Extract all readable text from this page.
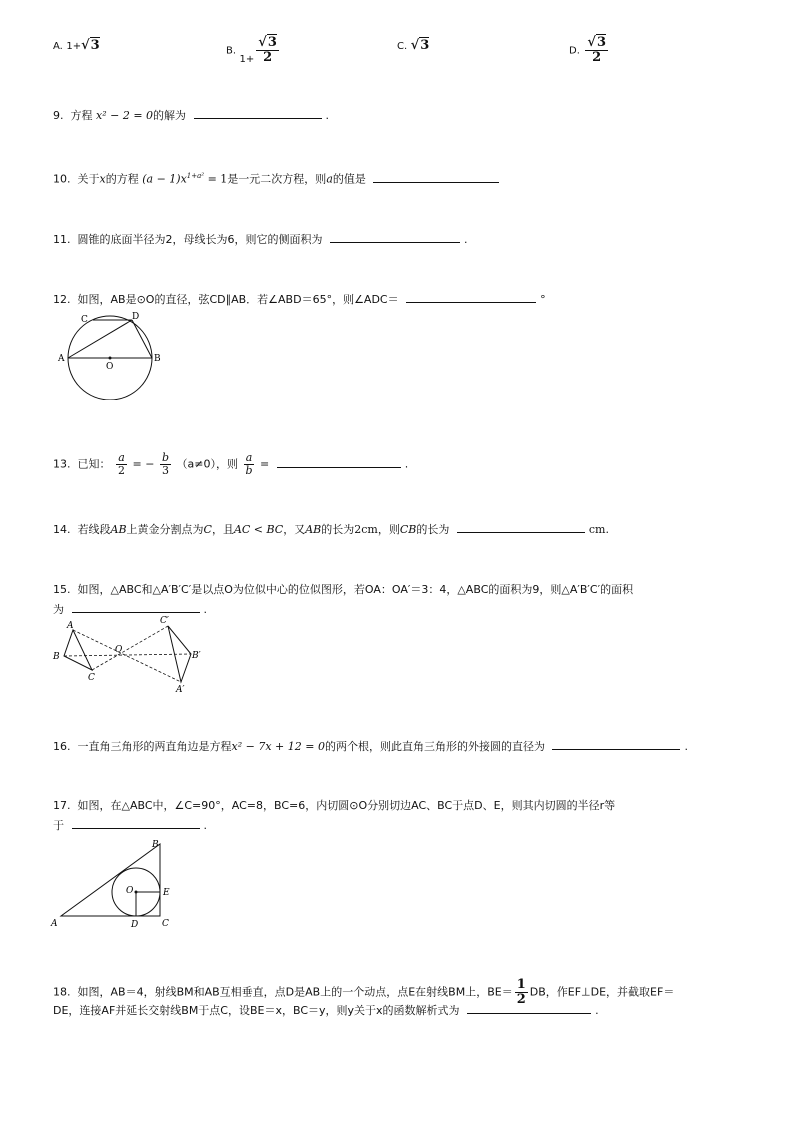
A. 1+√3	B. $1+ \frac{√3}{2}$	C. √3	D. $\frac{√3}{2}$
9. 方程 x² − 2 = 0的解为	.
10. 关于x的方程 $(a - 1)x^{1+a^2} = 1$是一元二次方程，则a的值是
11. 圆锥的底面半径为2，母线长为6，则它的侧面积为	.
12. 如图，AB是⊙O的直径，弦CD∥AB．若∠ABD＝65°，则∠ADC＝	°
C	D
A	B
O
13. 已知： $\frac{a}{2}$ = − $\frac{b}{3} (a\ne 0)$，则 $\frac{a}{b}$ =	.
14. 若线段AB上黄金分割点为C，且AC < BC，又AB的长为2cm，则CB的长为	cm.
15. 如图，△ABC和△A′B′C′是以点O为位似中心的位似图形，若OA：OA′＝3：4，△ABC的面积为9，则△A′B′C′的面积
为	.
A
B
C
O
C′
B′
A′
16. 一直角三角形的两直角边是方程x² − 7x + 12 = 0的两个根，则此直角三角形的外接圆的直径为	.
17. 如图，在△ABC中，∠C=90°，AC=8，BC=6，内切圆⊙O分别切边AC、BC于点D、E，则其内切圆的半径r等
于	.
A
B
C
D
E
O
18. 如图，AB＝4，射线BM和AB互相垂直，点D是AB上的一个动点，点E在射线BM上，$BE= \frac{1}{2}$ DB，作EF⊥DE，并截取EF＝
DE，连接AF并延长交射线BM于点C，设BE＝x，BC＝y，则y关于x的函数解析式为	.
